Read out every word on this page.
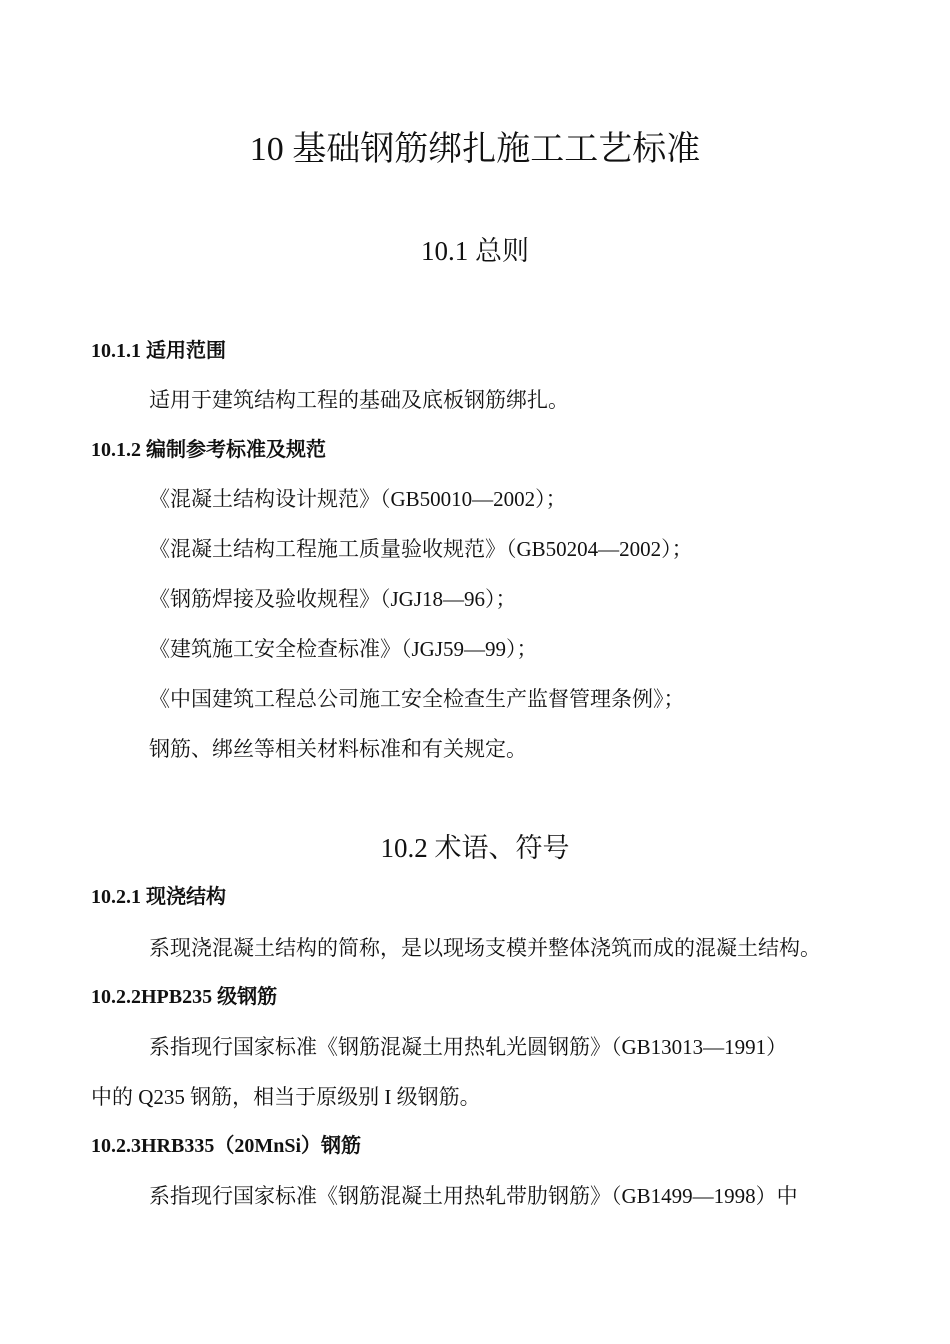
10 基础钢筋绑扎施工工艺标准
10.1 总则
10.1.1 适用范围

适用于建筑结构工程的基础及底板钢筋绑扎。

10.1.2 编制参考标准及规范

《混凝土结构设计规范》（GB50010—2002）；

《混凝土结构工程施工质量验收规范》（GB50204—2002）；

《钢筋焊接及验收规程》（JGJ18—96）；

《建筑施工安全检查标准》（JGJ59—99）；

《中国建筑工程总公司施工安全检查生产监督管理条例》；

钢筋、绑丝等相关材料标准和有关规定。

10.2 术语、符号
10.2.1 现浇结构

系现浇混凝土结构的简称，是以现场支模并整体浇筑而成的混凝土结构。

10.2.2HPB235 级钢筋

系指现行国家标准《钢筋混凝土用热轧光圆钢筋》（GB13013—1991）

中的 Q235 钢筋，相当于原级别 I 级钢筋。

10.2.3HRB335（20MnSi）钢筋

系指现行国家标准《钢筋混凝土用热轧带肋钢筋》（GB1499—1998）中
